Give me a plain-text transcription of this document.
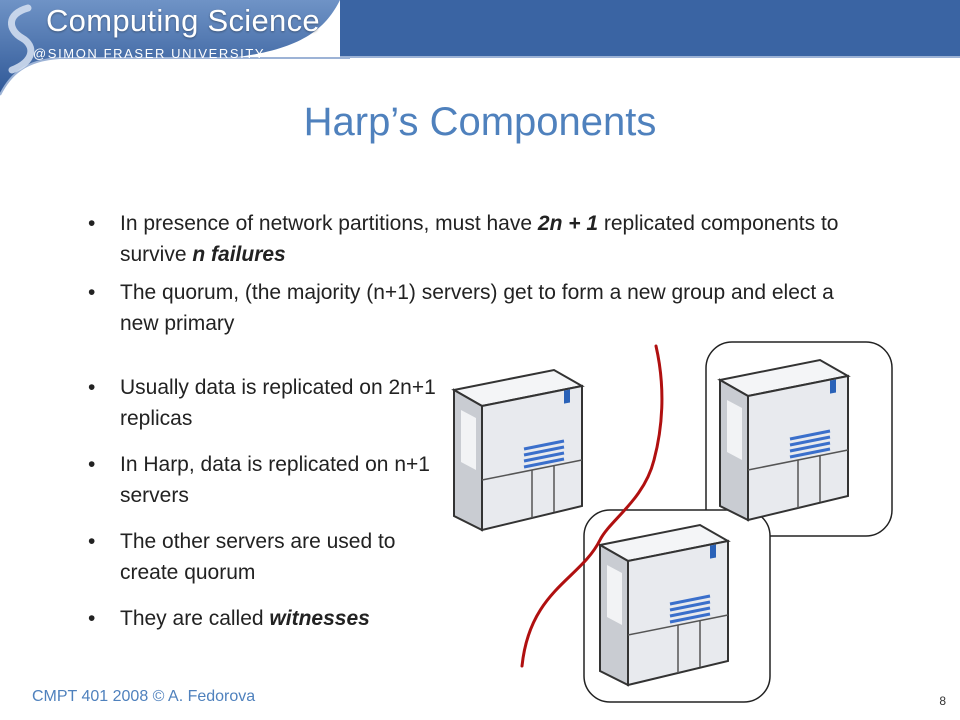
Computing Science
@SIMON FRASER UNIVERSITY
Harp’s Components
• In presence of network partitions, must have 2n + 1 replicated components to survive n failures
• The quorum, (the majority (n+1) servers) get to form a new group and elect a new primary
• Usually data is replicated on 2n+1 replicas
• In Harp, data is replicated on n+1 servers
• The other servers are used to create quorum
• They are called witnesses
CMPT 401 2008 © A. Fedorova	8
